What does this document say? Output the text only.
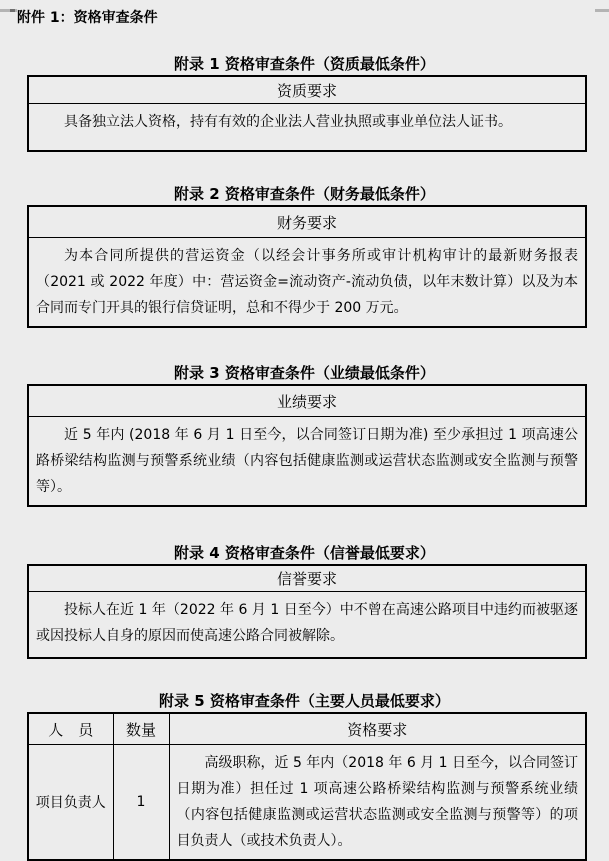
附件 1：资格审查条件
附录 1 资格审查条件（资质最低条件）
资质要求
具备独立法人资格，持有有效的企业法人营业执照或事业单位法人证书。
附录 2 资格审查条件（财务最低条件）
财务要求
为本合同所提供的营运资金（以经会计事务所或审计机构审计的最新财务报表（2021 或 2022 年度）中：营运资金=流动资产-流动负债，以年末数计算）以及为本合同而专门开具的银行信贷证明，总和不得少于 200 万元。
附录 3 资格审查条件（业绩最低条件）
业绩要求
近 5 年内 (2018 年 6 月 1 日至今，以合同签订日期为准) 至少承担过 1 项高速公路桥梁结构监测与预警系统业绩（内容包括健康监测或运营状态监测或安全监测与预警等）。
附录 4 资格审查条件（信誉最低要求）
信誉要求
投标人在近 1 年（2022 年 6 月 1 日至今）中不曾在高速公路项目中违约而被驱逐或因投标人自身的原因而使高速公路合同被解除。
附录 5 资格审查条件（主要人员最低要求）
人　员	数量	资格要求
项目负责人	1	高级职称，近 5 年内（2018 年 6 月 1 日至今，以合同签订日期为准）担任过 1 项高速公路桥梁结构监测与预警系统业绩（内容包括健康监测或运营状态监测或安全监测与预警等）的项目负责人（或技术负责人）。
